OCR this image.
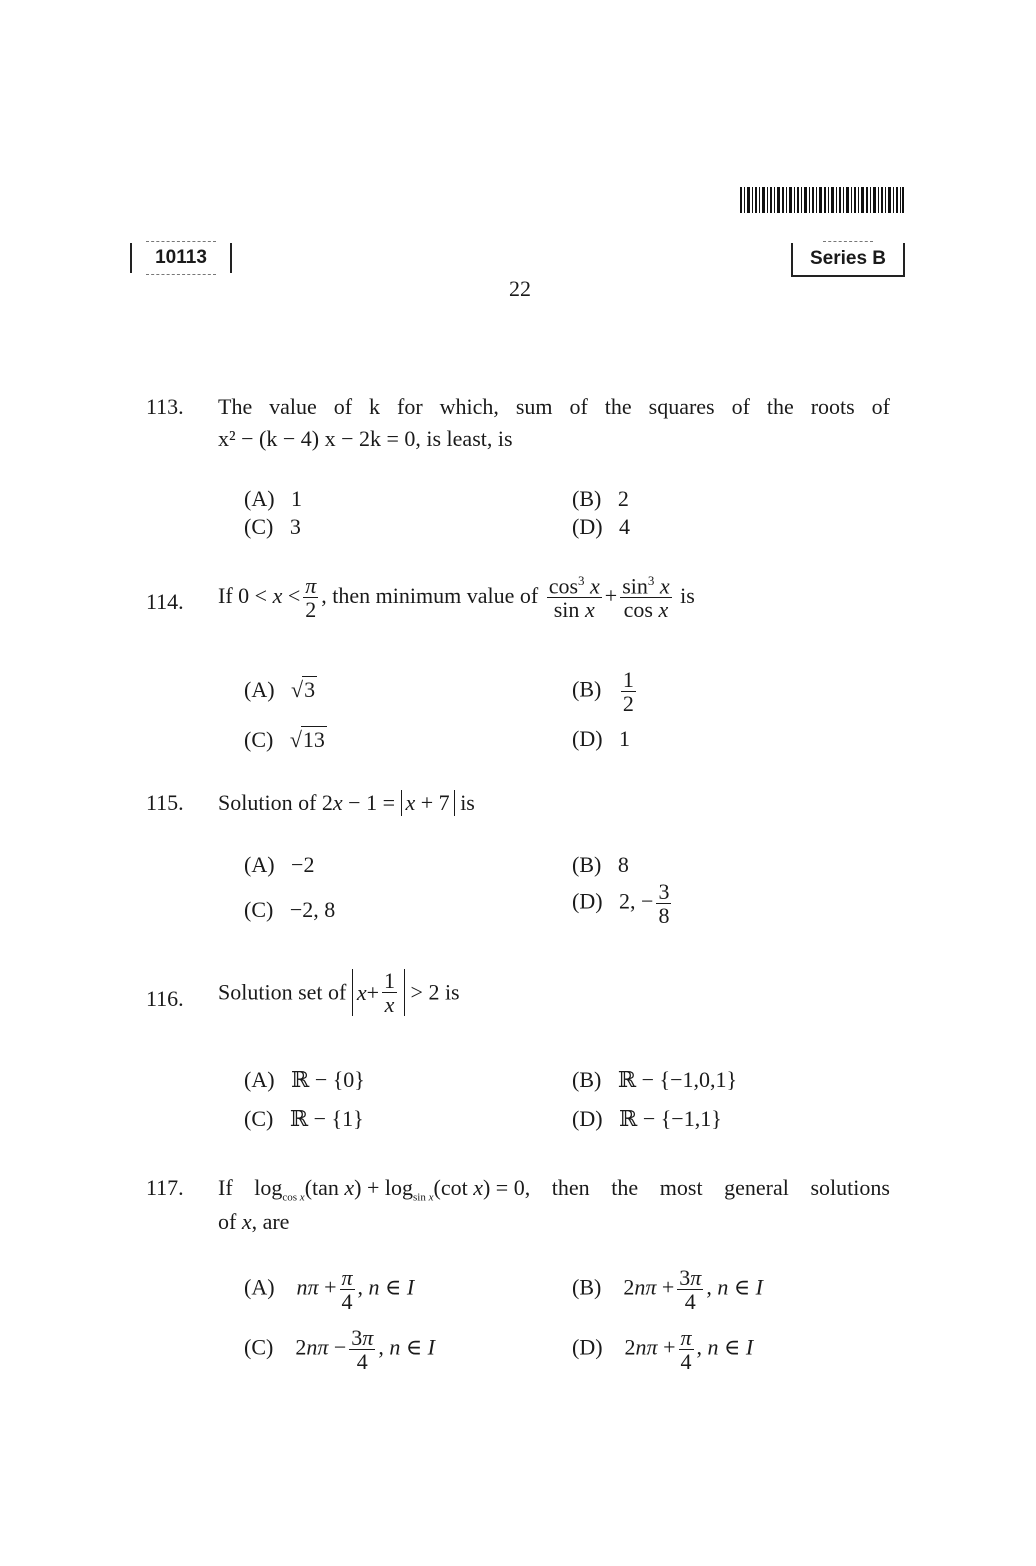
10113	Series B
22
113. The value of k for which, sum of the squares of the roots of
x² − (k − 4) x − 2k = 0, is least, is
(A)   1	(B)   2
(C)   3	(D)   4
114. If $0 < x < \frac{\pi}{2}$ , then minimum value of $\frac{\cos^3 x}{\text{sin x}} + \frac{\sin^3 x}{\text{cos x}}$ is
(A)   √3	$(B) \frac{1}{2}$
(C)   √13	(D)   1
115. Solution of 2x − 1 = x + 7 is
(A)   −2	(B)   8
(C)   −2, 8	(D)   2, − $\frac{3}{8}$
116. Solution set of $x + \frac{1}{x} > 2$ is
(A)   ℝ − {0}	(B)   ℝ − {−1,0,1}
(C)   ℝ − {1}	(D)   ℝ − {−1,1}
117. If $\log_{cos x}(\tan$ $x) + \log_{sin x}(\cot$ x) = 0, then the most general solutions
of x, are
(A)    $n\pi + \frac{\pi}{4}$ , n ∈ I	(B)    $2n\pi + \frac{3\pi}{4}$ , n ∈ I
(C)    $2n\pi - \frac{3\pi}{4}$ , n ∈ I	(D)    $2n\pi + \frac{\pi}{4}$ , n ∈ I
